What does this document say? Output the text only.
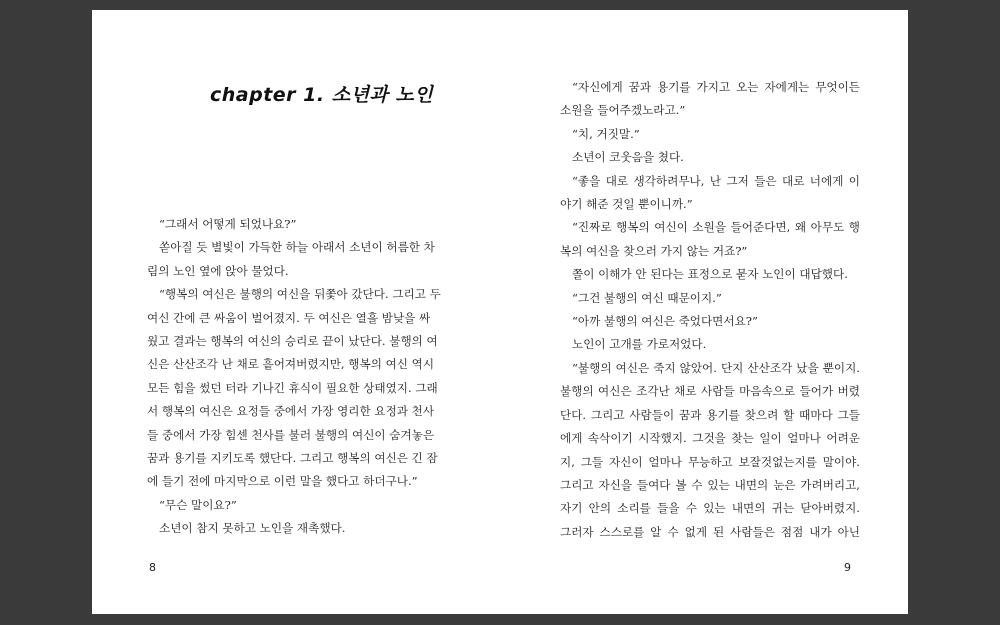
chapter 1. 소년과 노인
“그래서 어떻게 되었나요?”
쏟아질 듯 별빛이 가득한 하늘 아래서 소년이 허름한 차
림의 노인 옆에 앉아 물었다.
“행복의 여신은 불행의 여신을 뒤쫓아 갔단다. 그리고 두
여신 간에 큰 싸움이 벌어졌지. 두 여신은 열흘 밤낮을 싸
웠고 결과는 행복의 여신의 승리로 끝이 났단다. 불행의 여
신은 산산조각 난 채로 흩어져버렸지만, 행복의 여신 역시
모든 힘을 썼던 터라 기나긴 휴식이 필요한 상태였지. 그래
서 행복의 여신은 요정들 중에서 가장 영리한 요정과 천사
들 중에서 가장 힘센 천사를 불러 불행의 여신이 숨겨놓은
꿈과 용기를 지키도록 했단다. 그리고 행복의 여신은 긴 잠
에 들기 전에 마지막으로 이런 말을 했다고 하더구나.”
“무슨 말이요?”
소년이 참지 못하고 노인을 재촉했다.
8
“자신에게 꿈과 용기를 가지고 오는 자에게는 무엇이든
소원을 들어주겠노라고.”
“치, 거짓말.”
소년이 코웃음을 쳤다.
“좋을 대로 생각하려무나, 난 그저 들은 대로 너에게 이
야기 해준 것일 뿐이니까.”
“진짜로 행복의 여신이 소원을 들어준다면, 왜 아무도 행
복의 여신을 찾으러 가지 않는 거죠?”
쫄이 이해가 안 된다는 표정으로 묻자 노인이 대답했다.
“그건 불행의 여신 때문이지.”
“아까 불행의 여신은 죽었다면서요?”
노인이 고개를 가로저었다.
“불행의 여신은 죽지 않았어. 단지 산산조각 났을 뿐이지.
불행의 여신은 조각난 채로 사람들 마음속으로 들어가 버렸
단다. 그리고 사람들이 꿈과 용기를 찾으려 할 때마다 그들
에게 속삭이기 시작했지. 그것을 찾는 일이 얼마나 어려운
지, 그들 자신이 얼마나 무능하고 보잘것없는지를 말이야.
그리고 자신을 들여다 볼 수 있는 내면의 눈은 가려버리고,
자기 안의 소리를 들을 수 있는 내면의 귀는 닫아버렸지.
그러자 스스로를 알 수 없게 된 사람들은 점점 내가 아닌
9
